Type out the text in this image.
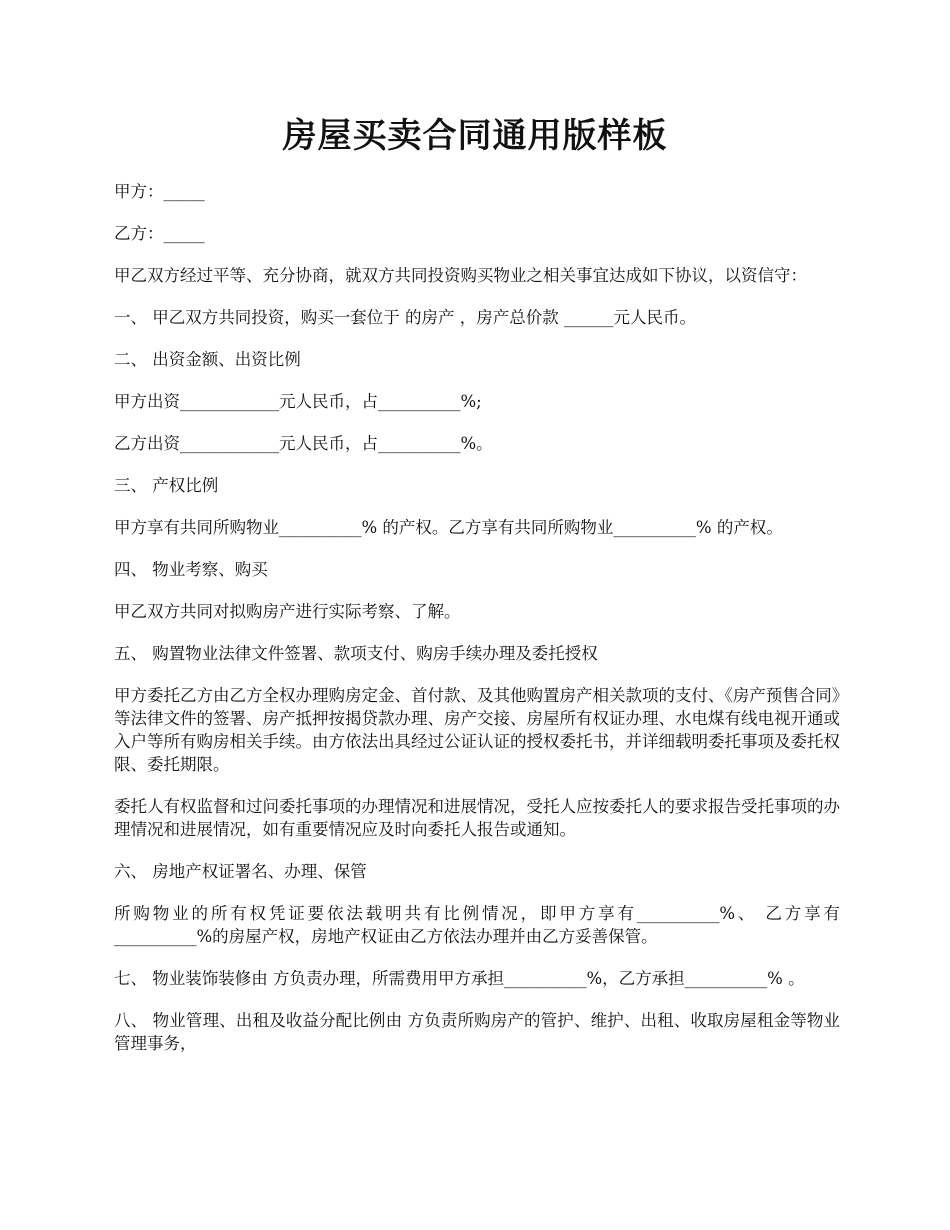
房屋买卖合同通用版样板

甲方：_____

乙方：_____

甲乙双方经过平等、充分协商，就双方共同投资购买物业之相关事宜达成如下协议，以资信守：

一、 甲乙双方共同投资，购买一套位于 的房产 ，房产总价款 ______元人民币。

二、 出资金额、出资比例

甲方出资____________元人民币，占__________%;

乙方出资____________元人民币，占__________%。

三、 产权比例

甲方享有共同所购物业__________% 的产权。乙方享有共同所购物业__________% 的产权。

四、 物业考察、购买

甲乙双方共同对拟购房产进行实际考察、了解。

五、 购置物业法律文件签署、款项支付、购房手续办理及委托授权

甲方委托乙方由乙方全权办理购房定金、首付款、及其他购置房产相关款项的支付、《房产预售合同》等法律文件的签署、房产抵押按揭贷款办理、房产交接、房屋所有权证办理、水电煤有线电视开通或入户等所有购房相关手续。由方依法出具经过公证认证的授权委托书，并详细载明委托事项及委托权限、委托期限。

委托人有权监督和过问委托事项的办理情况和进展情况，受托人应按委托人的要求报告受托事项的办理情况和进展情况，如有重要情况应及时向委托人报告或通知。

六、 房地产权证署名、办理、保管

所购物业的所有权凭证要依法载明共有比例情况，即甲方享有__________%、 乙方享有__________%的房屋产权，房地产权证由乙方依法办理并由乙方妥善保管。

七、 物业装饰装修由 方负责办理，所需费用甲方承担__________%，乙方承担__________% 。

八、 物业管理、出租及收益分配比例由 方负责所购房产的管护、维护、出租、收取房屋租金等物业管理事务，
